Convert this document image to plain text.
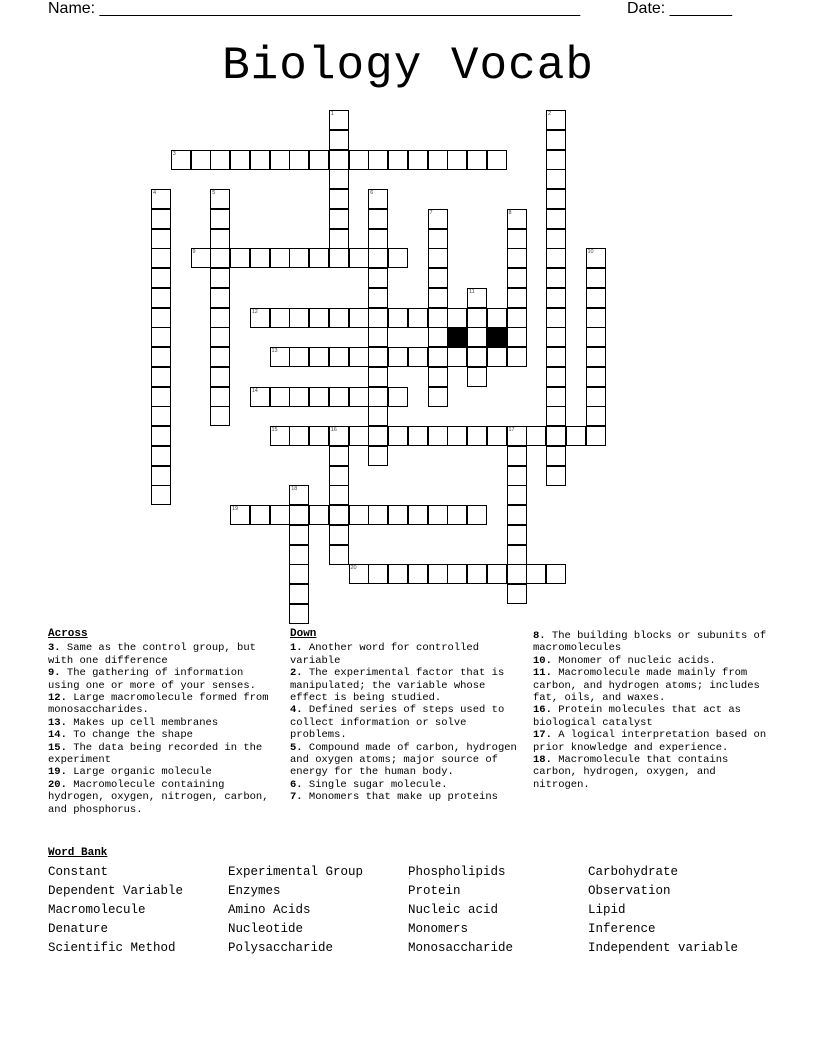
Name: ______________________________________________________	Date: _______
Biology Vocab
1	2
3
4	5	6
7	8
9	10
11
12
13
14
15	16	17
18
19
20
Across
3. Same as the control group, but with one difference
9. The gathering of information using one or more of your senses.
12. Large macromolecule formed from monosaccharides.
13. Makes up cell membranes
14. To change the shape
15. The data being recorded in the experiment
19. Large organic molecule
20. Macromolecule containing hydrogen, oxygen, nitrogen, carbon, and phosphorus.
Down
1. Another word for controlled variable
2. The experimental factor that is manipulated; the variable whose effect is being studied.
4. Defined series of steps used to collect information or solve problems.
5. Compound made of carbon, hydrogen and oxygen atoms; major source of energy for the human body.
6. Single sugar molecule.
7. Monomers that make up proteins
8. The building blocks or subunits of macromolecules
10. Monomer of nucleic acids.
11. Macromolecule made mainly from carbon, and hydrogen atoms; includes fat, oils, and waxes.
16. Protein molecules that act as biological catalyst
17. A logical interpretation based on prior knowledge and experience.
18. Macromolecule that contains carbon, hydrogen, oxygen, and nitrogen.
Word Bank
Constant	Experimental Group	Phospholipids	Carbohydrate
Dependent Variable	Enzymes	Protein	Observation
Macromolecule	Amino Acids	Nucleic acid	Lipid
Denature	Nucleotide	Monomers	Inference
Scientific Method	Polysaccharide	Monosaccharide	Independent variable
